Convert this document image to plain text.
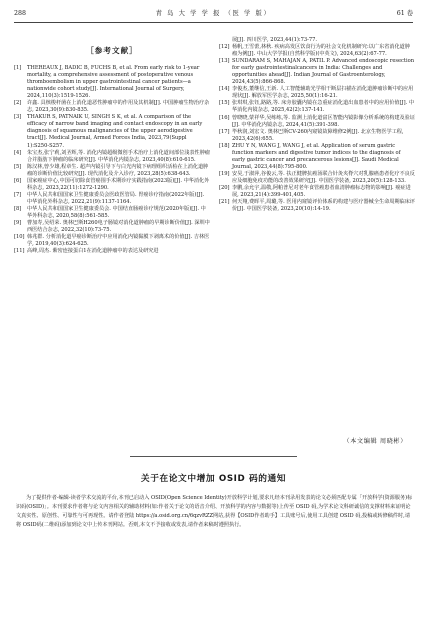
288	青 岛 大 学 学 报 （医 学 版）	61 卷
［参考文献］
[1] THEREAUX J, BADIC B, FUCHS B, et al. From early risk to 1-year mortality, a comprehensive assessment of postoperative venous thromboembolism in upper gastrointestinal cancer patients—a nationwide cohort study[J]. International Journal of Surgery, 2024,110(3):1519-1526.
[2] 许鑫. 具核梭杆菌在上消化道恶性肿瘤中的作用及其机制[J]. 中国肿瘤生物治疗杂志, 2023,30(9):830-835.
[3] THAKUR S, PATNAIK U, SINGH S K, et al. A comparison of the efficacy of narrow band imaging and contact endoscopy in an early diagnosis of squamous malignancies of the upper aerodigestive tract[J]. Medical Journal, Armed Forces India, 2023,79(Suppl 1):S250-S257.
[4] 朱宝杰,张宁莉,刘圣辉,等. 消化内镜超级微创手术治疗上消化道间部位浅表性肿瘤合并脂肪下肿瘤的临床研究[J]. 中华消化内镜杂志, 2023,40(8):610-615.
[5] 陈汉林,曾少雄,程章生. 超声内镜引导下与白光内镜下病理组织活检在上消化道肿瘤的诊断价值比较研究[J]. 现代消化及介入诊疗, 2023,28(5):638-643.
[6] 国家癌症中心,中国可切除食管癌围手术期诊疗实践指南(2023版)[J]. 中华消化外科杂志, 2023,22(11):1272-1290.
[7] 中华人民共和国国家卫生健康委员会医政医管局. 胃癌诊疗指南(2022年版)[J]. 中华消化外科杂志, 2022,21(9):1137-1164.
[8] 中华人民共和国国家卫生健康委员会. 中国结直肠癌诊疗规范(2020年版)[J]. 中华外科杂志, 2020,58(8):561-585.
[9] 曹加寿,吴绍荣. 奥林巴斯H260电子肠镜对消化道肿瘤的早期诊断价值[J]. 深圳中西医结合杂志, 2022,32(10):73-75.
[10] 韩兆群. 分析消化道早癌诊断治疗中应用消化内镜黏膜下剥离术的价值[J]. 吉林医学, 2019,40(3):624-625.
[11] 高峰,周杰. 紫密连接蛋白1在消化道肿瘤中的表达及研究进
展[J]. 四川医学, 2023,44(1):73-77.
[12] 杨帆,王雪蕾,林秋. 疾病高发区饮食行为的社会文化机制研究:以广东省消化道肿瘤为例[J]. 中山大学学报(自然科学版)(中英文), 2024,63(2):67-77.
[13] SUNDARAM S, MAHAJAN A, PATIL P. Advanced endoscopic resection for early gastrointestinalcancers in India: Challenges and opportunities ahead[J]. Indian Journal of Gastroenterology, 2024,43(5):866-868.
[14] 李俊杰,董继信,王新. 人工智能辅助光学相干断层扫描在消化道肿瘤诊断中的应用现状[J]. 解放军医学杂志, 2025,50(1):16-21.
[15] 张琪琪,张钰,路路,等. 床旁胶囊内镜在急重症消化道出血患者中的应用价值[J]. 中华消化内镜杂志, 2025,42(2):137-141.
[16] 曾晓晓,蒙祥华,吴练练,等. 监测上消化道富区智能内镜影像分析系统的构建及验证[J]. 中华消化内镜杂志, 2024,41(5):391-398.
[17] 毕秋润,刘宏文. 奥林巴斯CV-260内窥镜故障维修2例[J]. 北京生物医学工程, 2023,42(6):655.
[18] ZHU Y N, WANG J, WANG J, et al. Application of serum gastric function markers and digestive tumor indices to the diagnosis of early gastric cancer and precancerous lesions[J]. Saudi Medical Journal, 2023,44(8):795-800.
[19] 安昊,于淑萍,谷俊云,等. 扶正健脾抗癌汤联合针灸夹脊穴对乳腺癌患者化疗不良反应及细胞免疫功能的改善效果研究[J]. 中国医学装备, 2023,20(5):128-133.
[20] 李鹏,余允宇,温敬,阿帕普尼对老年食管癌患者血清肿瘤标志物的影响[J]. 癌症进展, 2023,21(4):399-401,405.
[21] 何天翔,费晖平,周璐,等. 医用内窥镜评价体系的构建与医疗器械全生命周期临床评价[J]. 中国医学装备, 2023,20(10):14-19.
（本文编辑 周晓彬）
关于在论文中增加 OSID 码的通知
为了提供作者-编辑-读者学术交流的平台,本刊已启动入 OSID(Open Science Identity)开放科学计划,要求凡经本刊录用发表的论文必须匹配专属「开放科学(资源服务)标识码(OSID)」。本刊要求作者将与论文内容相关的辅助材料(如:作者关于论文的语音介绍、开放科学的内容与数据等)上传至 OSID 码,为学术论文科研诚信的支撑材料来证明论文真实性、原创性、可靠性与可再现性。请作者登陆 https://a.osid.org.cn/6qzvRZZ网站,获得【OSID作者助手】工具账号后,使用工具创建 OSID 码,投稿或转修稿件时,请将 OSID码(二维码)添加到论文中上传本刊网站。否则,本文不予接收或发表,请作者来稿时遵照执行。
